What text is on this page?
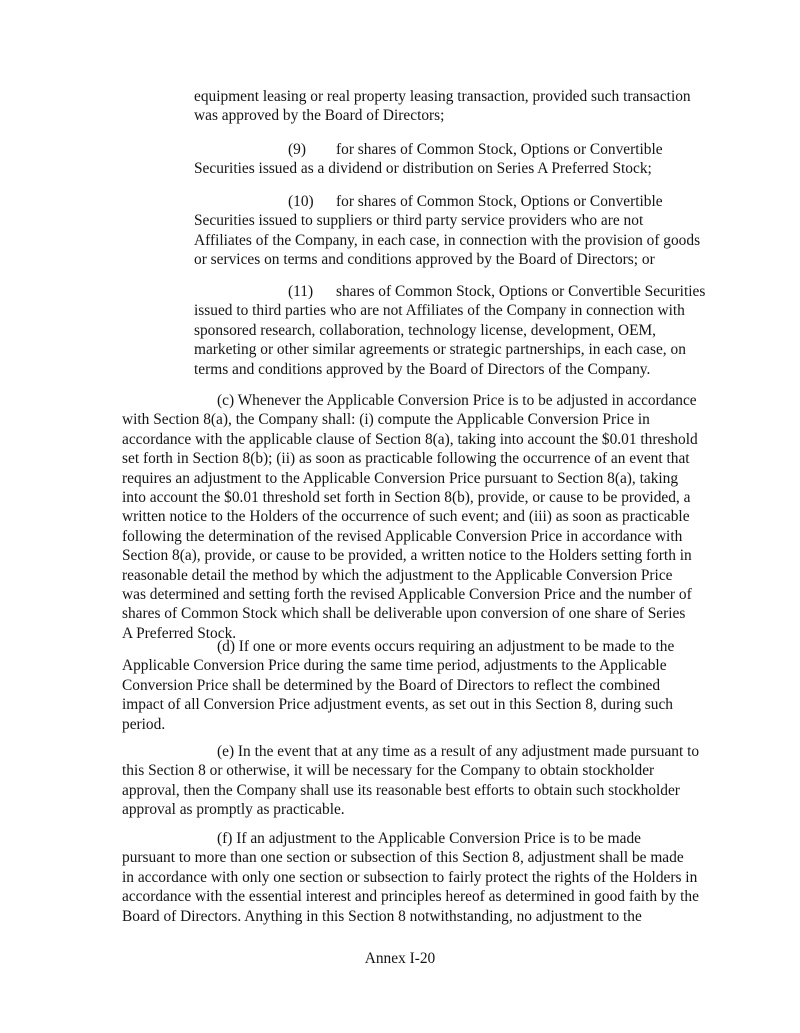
equipment leasing or real property leasing transaction, provided such transaction
was approved by the Board of Directors;

(9) for shares of Common Stock, Options or Convertible
Securities issued as a dividend or distribution on Series A Preferred Stock;

(10) for shares of Common Stock, Options or Convertible
Securities issued to suppliers or third party service providers who are not
Affiliates of the Company, in each case, in connection with the provision of goods
or services on terms and conditions approved by the Board of Directors; or

(11) shares of Common Stock, Options or Convertible Securities
issued to third parties who are not Affiliates of the Company in connection with
sponsored research, collaboration, technology license, development, OEM,
marketing or other similar agreements or strategic partnerships, in each case, on
terms and conditions approved by the Board of Directors of the Company.

(c) Whenever the Applicable Conversion Price is to be adjusted in accordance
with Section 8(a), the Company shall: (i) compute the Applicable Conversion Price in
accordance with the applicable clause of Section 8(a), taking into account the $0.01 threshold
set forth in Section 8(b); (ii) as soon as practicable following the occurrence of an event that
requires an adjustment to the Applicable Conversion Price pursuant to Section 8(a), taking
into account the $0.01 threshold set forth in Section 8(b), provide, or cause to be provided, a
written notice to the Holders of the occurrence of such event; and (iii) as soon as practicable
following the determination of the revised Applicable Conversion Price in accordance with
Section 8(a), provide, or cause to be provided, a written notice to the Holders setting forth in
reasonable detail the method by which the adjustment to the Applicable Conversion Price
was determined and setting forth the revised Applicable Conversion Price and the number of
shares of Common Stock which shall be deliverable upon conversion of one share of Series
A Preferred Stock.

(d) If one or more events occurs requiring an adjustment to be made to the
Applicable Conversion Price during the same time period, adjustments to the Applicable
Conversion Price shall be determined by the Board of Directors to reflect the combined
impact of all Conversion Price adjustment events, as set out in this Section 8, during such
period.

(e) In the event that at any time as a result of any adjustment made pursuant to
this Section 8 or otherwise, it will be necessary for the Company to obtain stockholder
approval, then the Company shall use its reasonable best efforts to obtain such stockholder
approval as promptly as practicable.

(f) If an adjustment to the Applicable Conversion Price is to be made
pursuant to more than one section or subsection of this Section 8, adjustment shall be made
in accordance with only one section or subsection to fairly protect the rights of the Holders in
accordance with the essential interest and principles hereof as determined in good faith by the
Board of Directors. Anything in this Section 8 notwithstanding, no adjustment to the

Annex I-20
